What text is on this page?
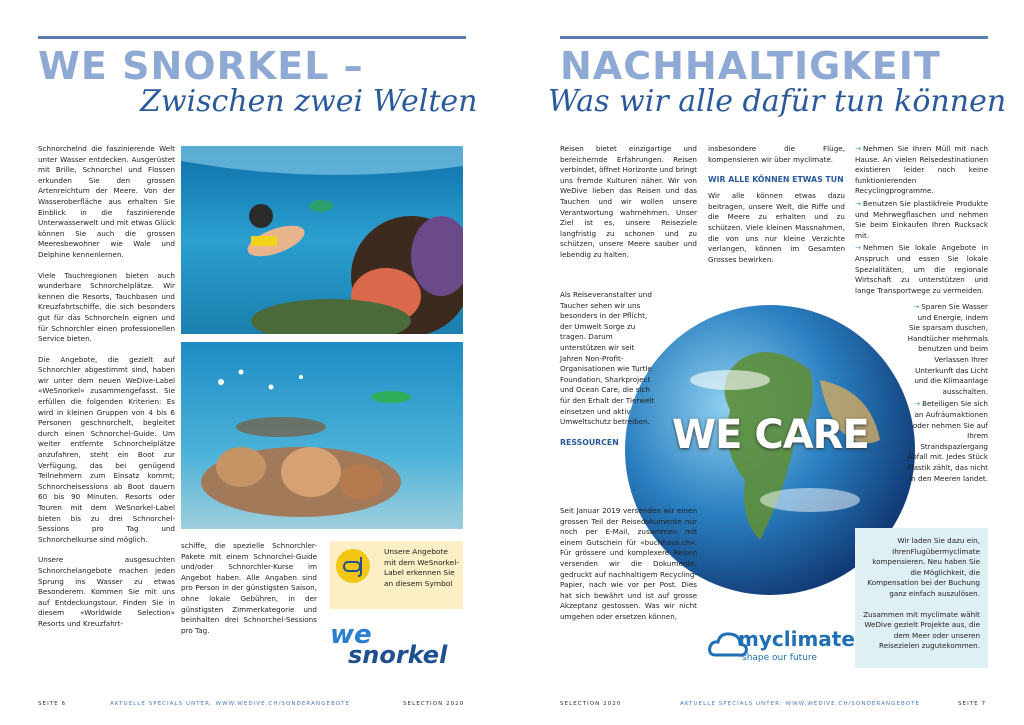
WE SNORKEL –
Zwischen zwei Welten

Schnorchelnd die faszinierende Welt unter Wasser entdecken. Ausgerüstet mit Brille, Schnorchel und Flossen erkunden Sie den grossen Artenreichtum der Meere. Von der Wasseroberfläche aus erhalten Sie Einblick in die faszinierende Unterwasserwelt und mit etwas Glück können Sie auch die grossen Meeresbewohner wie Wale und Delphine kennenlernen.

Viele Tauchregionen bieten auch wunderbare Schnorchelplätze. Wir kennen die Resorts, Tauchbasen und Kreuzfahrtschiffe, die sich besonders gut für das Schnorcheln eignen und für Schnorchler einen professionellen Service bieten.

Die Angebote, die gezielt auf Schnorchler abgestimmt sind, haben wir unter dem neuen WeDive-Label «WeSnorkel» zusammengefasst. Sie erfüllen die folgenden Kriterien: Es wird in kleinen Gruppen von 4 bis 6 Personen geschnorchelt, begleitet durch einen Schnorchel-Guide. Um weiter entfernte Schnorchelplätze anzufahren, steht ein Boot zur Verfügung, das bei genügend Teilnehmern zum Einsatz kommt; Schnorchelsessions ab Boot dauern 60 bis 90 Minuten. Resorts oder Touren mit dem WeSnorkel-Label bieten bis zu drei Schnorchel-Sessions pro Tag und Schnorchelkurse sind möglich.

Unsere ausgesuchten Schnorchelangebote machen jeden Sprung ins Wasser zu etwas Besonderem. Kommen Sie mit uns auf Entdeckungstour. Finden Sie in diesem «Worldwide Selection» Resorts und Kreuzfahrt-

schiffe, die spezielle Schnorchler-Pakete mit einem Schnorchel-Guide und/oder Schnorchler-Kurse im Angebot haben. Alle Angaben sind pro Person in der günstigsten Saison, ohne lokale Gebühren, in der günstigsten Zimmerkategorie und beinhalten drei Schnorchel-Sessions pro Tag.

Unsere Angebote mit dem WeSnorkel-Label erkennen Sie an diesem Symbol
we
snorkel
SEITE 6	AKTUELLE SPECIALS UNTER: WWW.WEDIVE.CH/SONDERANGEBOTE	SELECTION 2020
NACHHALTIGKEIT
Was wir alle dafür tun können
WE CARE

Reisen bietet einzigartige und bereichernde Erfahrungen. Reisen verbindet, öffnet Horizonte und bringt uns fremde Kulturen näher. Wir von WeDive lieben das Reisen und das Tauchen und wir wollen unsere Verantwortung wahrnehmen. Unser Ziel ist es, unsere Reiseziele langfristig zu schonen und zu schützen, unsere Meere sauber und lebendig zu halten.

Als Reiseveranstalter und Taucher sehen wir uns besonders in der Pflicht, der Umwelt Sorge zu tragen. Darum unterstützen wir seit Jahren Non-Profit-Organisationen wie Turtle Foundation, Sharkproject und Ocean Care, die sich für den Erhalt der Tierwelt einsetzen und aktiv Umweltschutz betreiben.

RESSOURCEN

Seit Januar 2019 versenden wir einen grossen Teil der Reisedokumente nur noch per E-Mail, zusammen mit einem Gutschein für «buchhaus.ch». Für grössere und komplexere Reisen versenden wir die Dokumente, gedruckt auf nachhaltigem Recycling-Papier, nach wie vor per Post. Dies hat sich bewährt und ist auf grosse Akzeptanz gestossen. Was wir nicht umgehen oder ersetzen können,

insbesondere die Flüge, kompensieren wir über myclimate.

WIR ALLE KÖNNEN ETWAS TUN

Wir alle können etwas dazu beitragen, unsere Welt, die Riffe und die Meere zu erhalten und zu schützen. Viele kleinen Massnahmen, die von uns nur kleine Verzichte verlangen, können im Gesamten Grosses bewirken:

→ Nehmen Sie Ihren Müll mit nach Hause. An vielen Reisedestinationen existieren leider noch keine funktionierenden Recyclingprogramme.
→ Benutzen Sie plastikfreie Produkte und Mehrwegflaschen und nehmen Sie beim Einkaufen Ihren Rucksack mit.
→ Nehmen Sie lokale Angebote in Anspruch und essen Sie lokale Spezialitäten, um die regionale Wirtschaft zu unterstützen und lange Transportwege zu vermeiden.
→ Sparen Sie Wasser und Energie, indem Sie sparsam duschen, Handtücher mehrmals benutzen und beim Verlassen Ihrer Unterkunft das Licht und die Klimaanlage ausschalten.
→ Beteiligen Sie sich an Aufräumaktionen oder nehmen Sie auf Ihrem Strandspaziergang Abfall mit. Jedes Stück Plastik zählt, das nicht in den Meeren landet.

Wir laden Sie dazu ein, IhrenFlugübermyclimate kompensieren. Neu haben Sie die Möglichkeit, die Kompensation bei der Buchung ganz einfach auszulösen.

Zusammen mit myclimate wählt WeDive gezielt Projekte aus, die dem Meer oder unseren Reisezielen zugutekommen.

myclimate
shape our future
SELECTION 2020	AKTUELLE SPECIALS UNTER: WWW.WEDIVE.CH/SONDERANGEBOTE	SEITE 7
